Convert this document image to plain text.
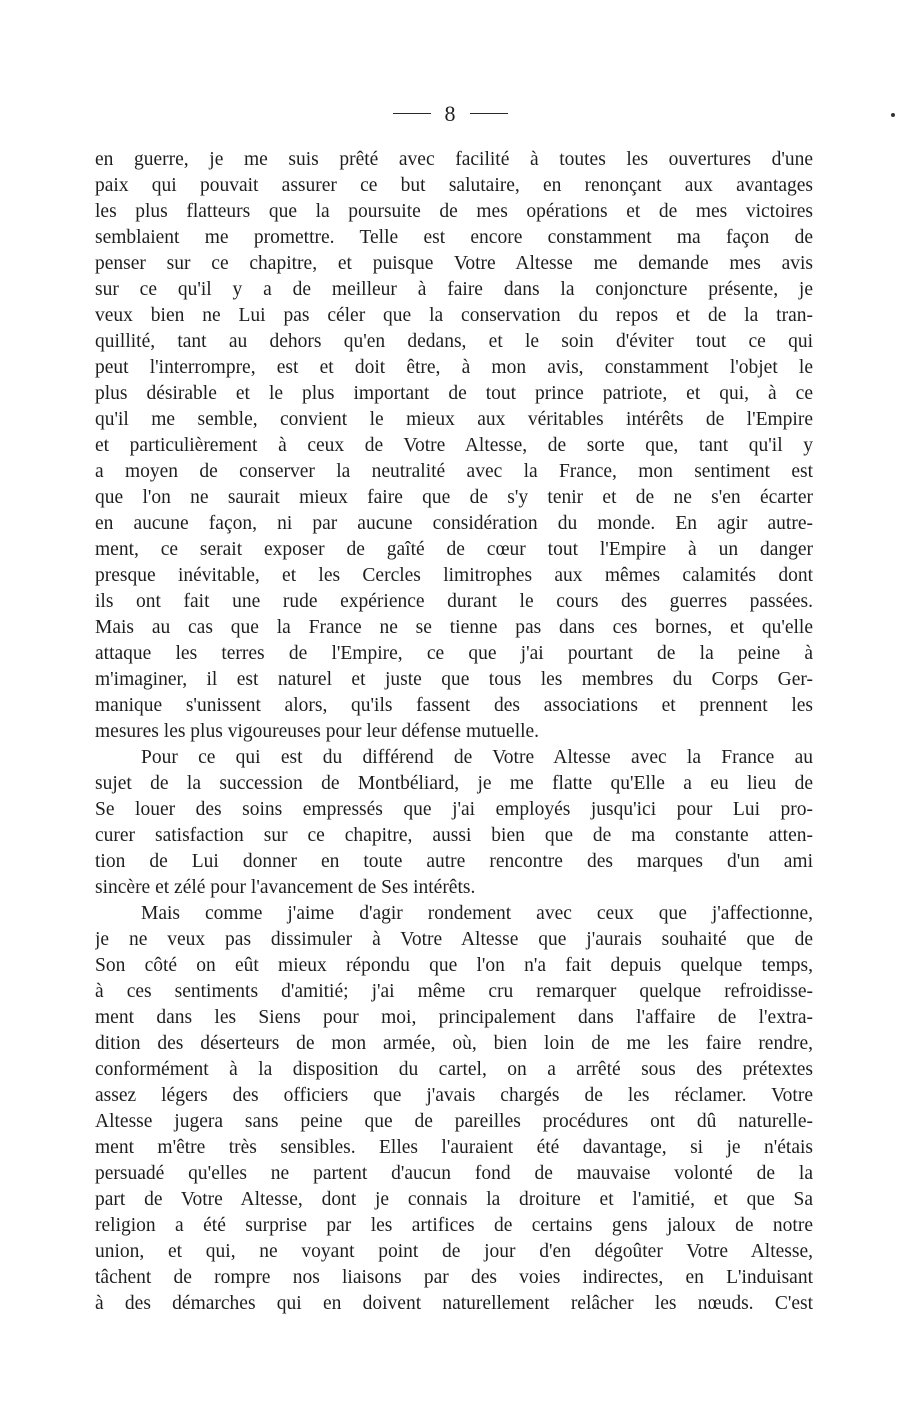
8
en guerre, je me suis prêté avec facilité à toutes les ouvertures d'une
paix qui pouvait assurer ce but salutaire, en renonçant aux avantages
les plus flatteurs que la poursuite de mes opérations et de mes victoires
semblaient me promettre. Telle est encore constamment ma façon de
penser sur ce chapitre, et puisque Votre Altesse me demande mes avis
sur ce qu'il y a de meilleur à faire dans la conjoncture présente, je
veux bien ne Lui pas céler que la conservation du repos et de la tran-
quillité, tant au dehors qu'en dedans, et le soin d'éviter tout ce qui
peut l'interrompre, est et doit être, à mon avis, constamment l'objet le
plus désirable et le plus important de tout prince patriote, et qui, à ce
qu'il me semble, convient le mieux aux véritables intérêts de l'Empire
et particulièrement à ceux de Votre Altesse, de sorte que, tant qu'il y
a moyen de conserver la neutralité avec la France, mon sentiment est
que l'on ne saurait mieux faire que de s'y tenir et de ne s'en écarter
en aucune façon, ni par aucune considération du monde. En agir autre-
ment, ce serait exposer de gaîté de cœur tout l'Empire à un danger
presque inévitable, et les Cercles limitrophes aux mêmes calamités dont
ils ont fait une rude expérience durant le cours des guerres passées.
Mais au cas que la France ne se tienne pas dans ces bornes, et qu'elle
attaque les terres de l'Empire, ce que j'ai pourtant de la peine à
m'imaginer, il est naturel et juste que tous les membres du Corps Ger-
manique s'unissent alors, qu'ils fassent des associations et prennent les
mesures les plus vigoureuses pour leur défense mutuelle.
Pour ce qui est du différend de Votre Altesse avec la France au
sujet de la succession de Montbéliard, je me flatte qu'Elle a eu lieu de
Se louer des soins empressés que j'ai employés jusqu'ici pour Lui pro-
curer satisfaction sur ce chapitre, aussi bien que de ma constante atten-
tion de Lui donner en toute autre rencontre des marques d'un ami
sincère et zélé pour l'avancement de Ses intérêts.
Mais comme j'aime d'agir rondement avec ceux que j'affectionne,
je ne veux pas dissimuler à Votre Altesse que j'aurais souhaité que de
Son côté on eût mieux répondu que l'on n'a fait depuis quelque temps,
à ces sentiments d'amitié; j'ai même cru remarquer quelque refroidisse-
ment dans les Siens pour moi, principalement dans l'affaire de l'extra-
dition des déserteurs de mon armée, où, bien loin de me les faire rendre,
conformément à la disposition du cartel, on a arrêté sous des prétextes
assez légers des officiers que j'avais chargés de les réclamer. Votre
Altesse jugera sans peine que de pareilles procédures ont dû naturelle-
ment m'être très sensibles. Elles l'auraient été davantage, si je n'étais
persuadé qu'elles ne partent d'aucun fond de mauvaise volonté de la
part de Votre Altesse, dont je connais la droiture et l'amitié, et que Sa
religion a été surprise par les artifices de certains gens jaloux de notre
union, et qui, ne voyant point de jour d'en dégoûter Votre Altesse,
tâchent de rompre nos liaisons par des voies indirectes, en L'induisant
à des démarches qui en doivent naturellement relâcher les nœuds. C'est
